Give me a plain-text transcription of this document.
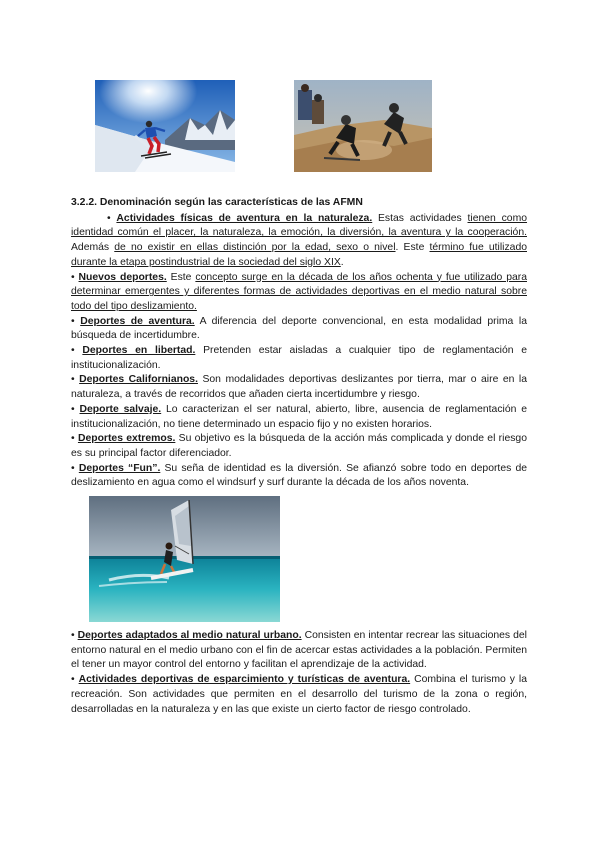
3.2.2. Denominación según las características de las AFMN

• Actividades físicas de aventura en la naturaleza. Estas actividades tienen como identidad común el placer, la naturaleza, la emoción, la diversión, la aventura y la cooperación. Además de no existir en ellas distinción por la edad, sexo o nivel. Este término fue utilizado durante la etapa postindustrial de la sociedad del siglo XIX.

• Nuevos deportes. Este concepto surge en la década de los años ochenta y fue utilizado para determinar emergentes y diferentes formas de actividades deportivas en el medio natural sobre todo del tipo deslizamiento.

• Deportes de aventura. A diferencia del deporte convencional, en esta modalidad prima la búsqueda de incertidumbre.

• Deportes en libertad. Pretenden estar aisladas a cualquier tipo de reglamentación e institucionalización.

• Deportes Californianos. Son modalidades deportivas deslizantes por tierra, mar o aire en la naturaleza, a través de recorridos que añaden cierta incertidumbre y riesgo.

• Deporte salvaje. Lo caracterizan el ser natural, abierto, libre, ausencia de reglamentación e institucionalización, no tiene determinado un espacio fijo y no existen horarios.

• Deportes extremos. Su objetivo es la búsqueda de la acción más complicada y donde el riesgo es su principal factor diferenciador.

• Deportes “Fun”. Su seña de identidad es la diversión. Se afianzó sobre todo en deportes de deslizamiento en agua como el windsurf y surf durante la década de los años noventa.

• Deportes adaptados al medio natural urbano. Consisten en intentar recrear las situaciones del entorno natural en el medio urbano con el fin de acercar estas actividades a la población. Permiten el tener un mayor control del entorno y facilitan el aprendizaje de la actividad.

• Actividades deportivas de esparcimiento y turísticas de aventura. Combina el turismo y la recreación. Son actividades que permiten en el desarrollo del turismo de la zona o región, desarrolladas en la naturaleza y en las que existe un cierto factor de riesgo controlado.
